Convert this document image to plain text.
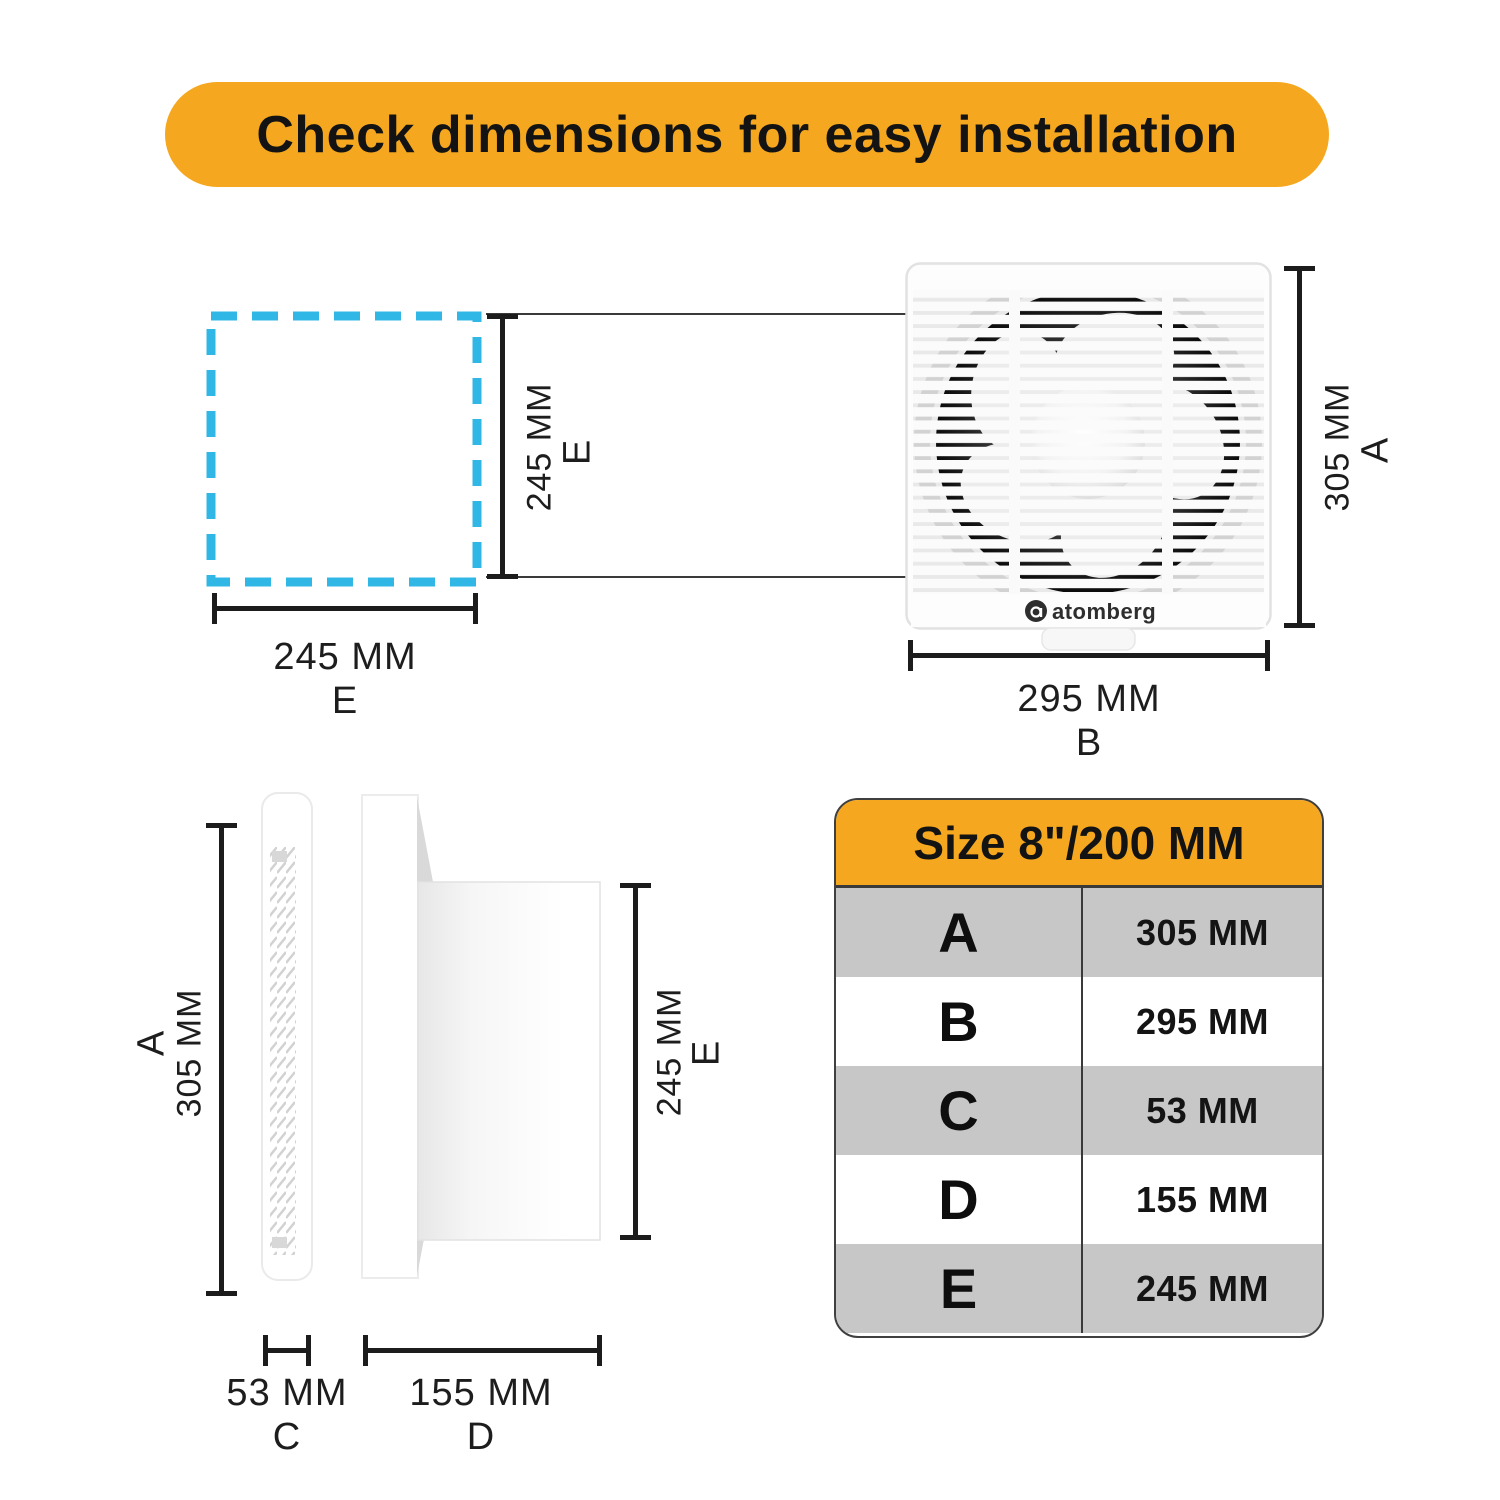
Check dimensions for easy installation
245 MM
E
245 MM
E
atomberg
305 MM
A
295 MM
B
305 MM
A	245 MM
E
53 MM
C
155 MM
D
Size 8"/200 MM
A	305 MM
B	295 MM
C	53 MM
D	155 MM
E	245 MM
